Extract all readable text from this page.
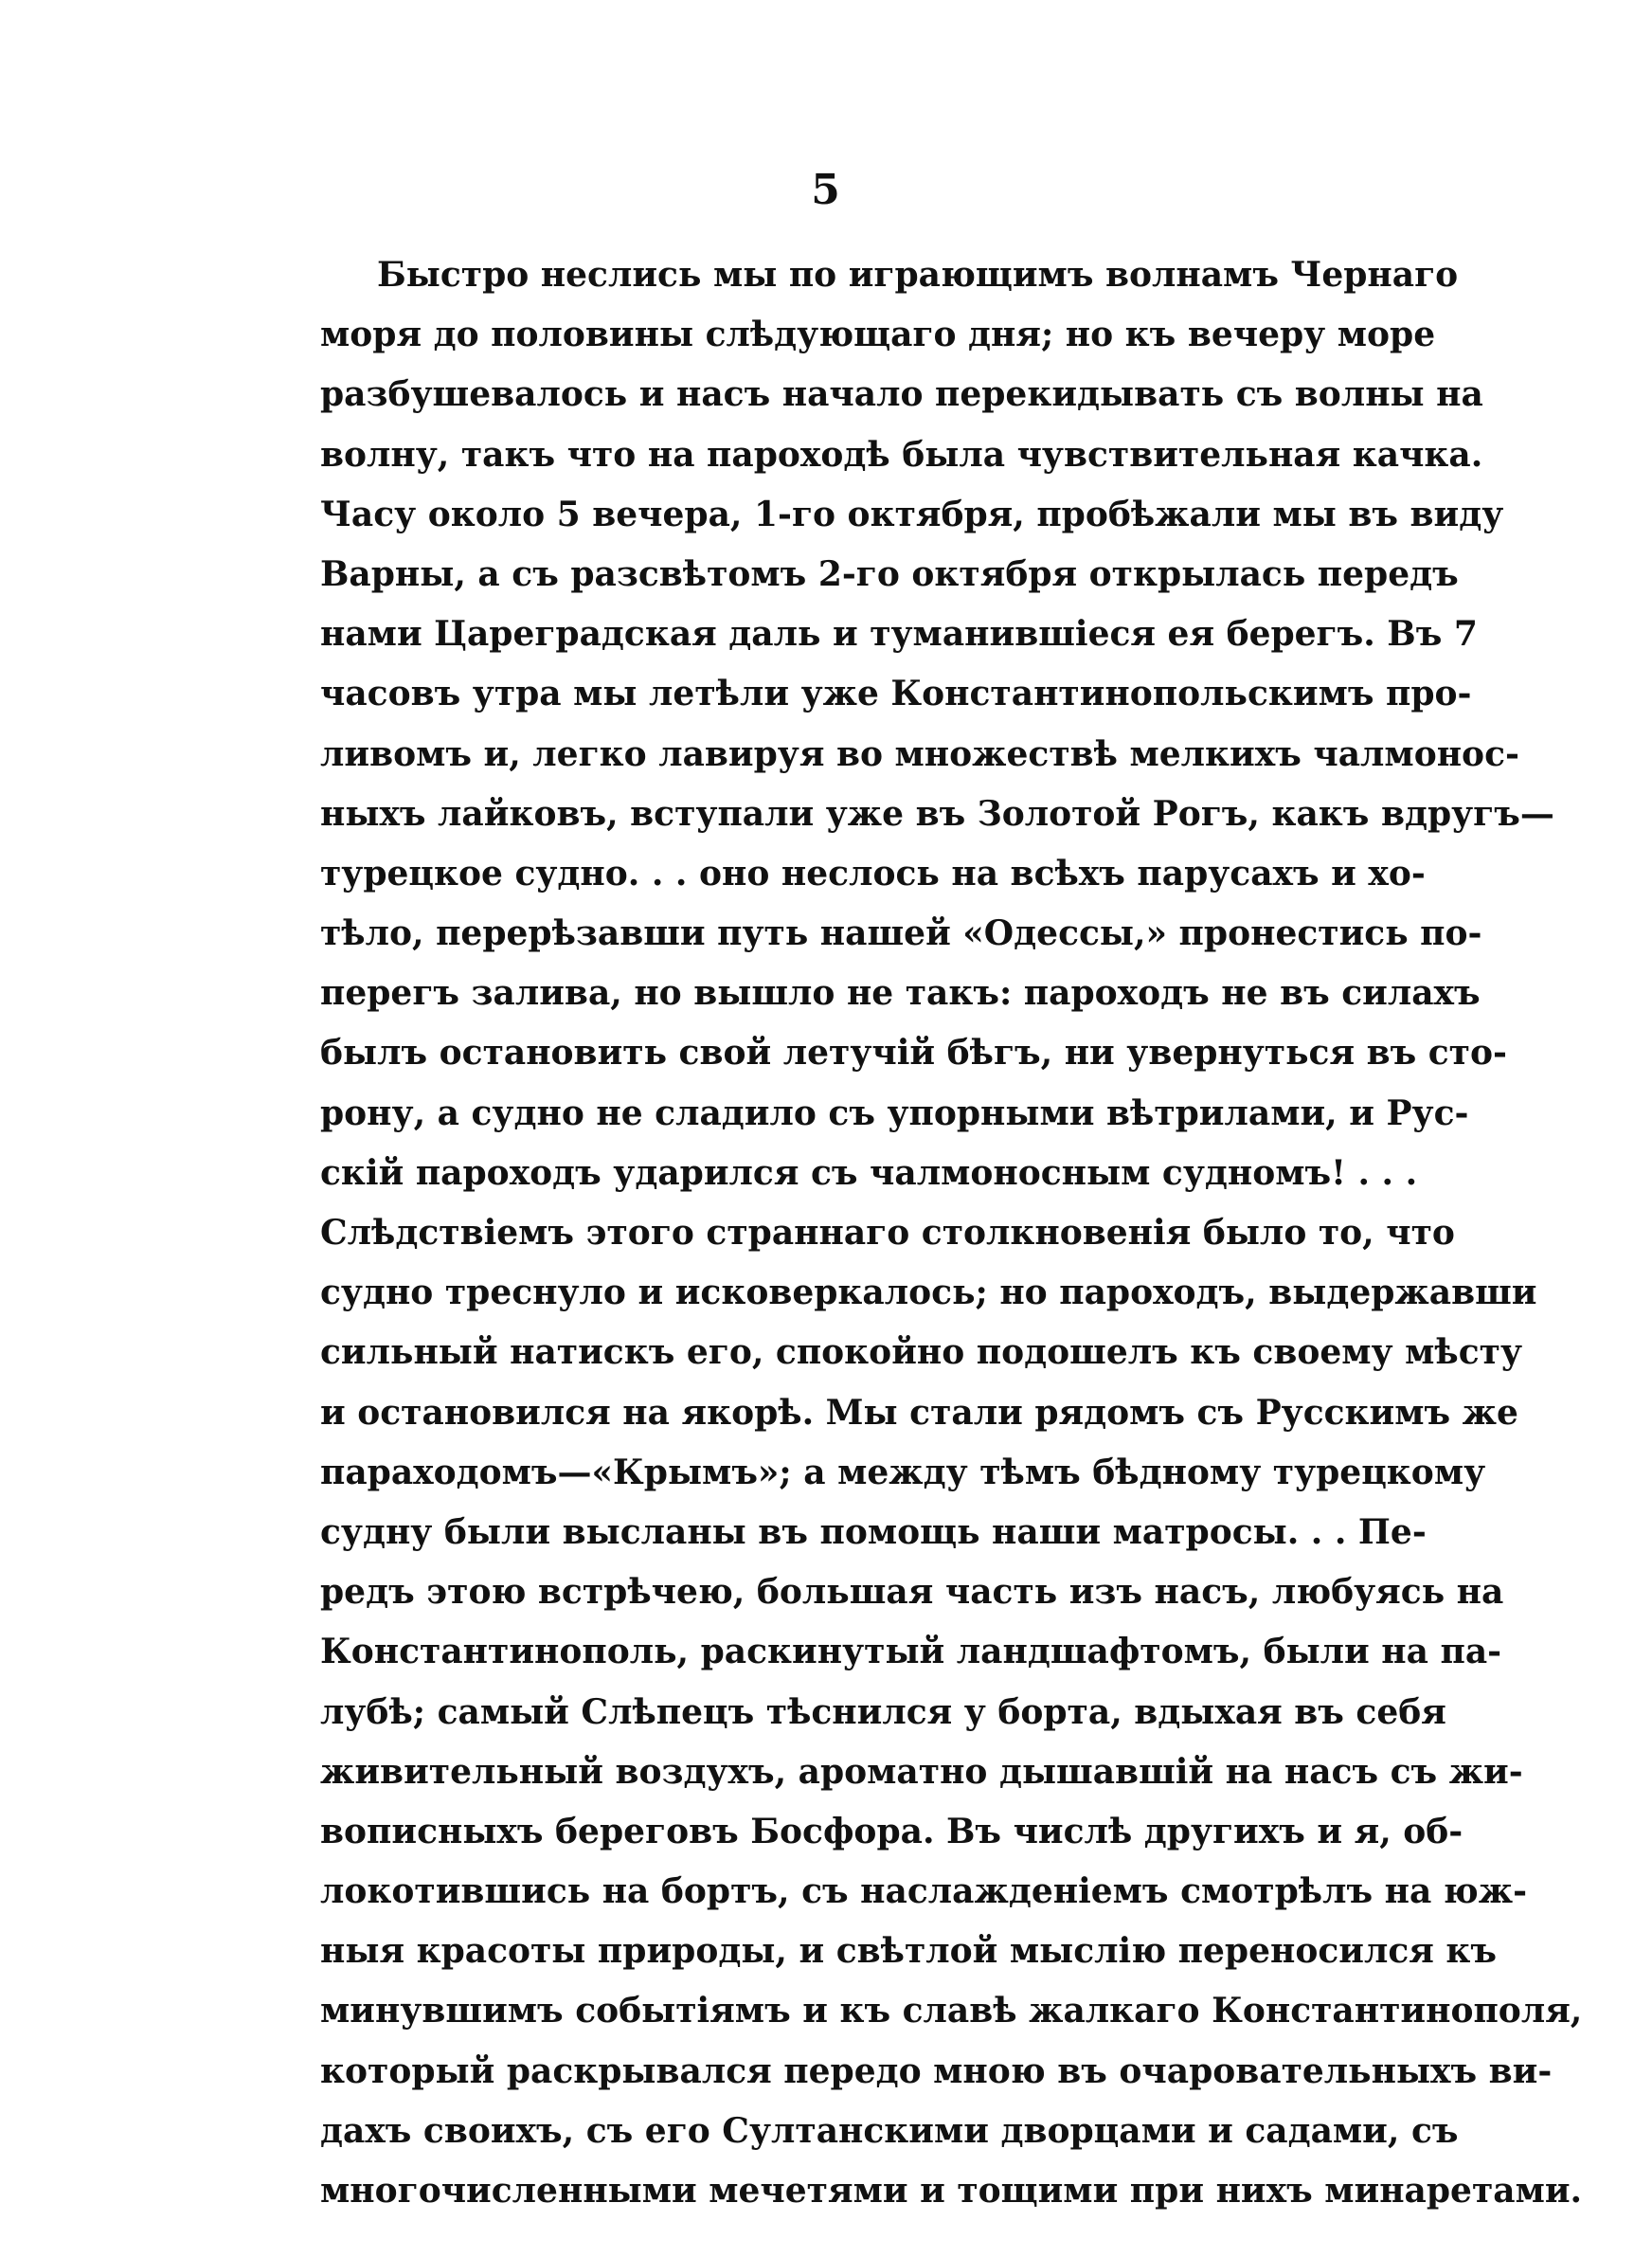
5
Быстро неслись мы по играющимъ волнамъ Чернаго
моря до половины слѣдующаго дня; но къ вечеру море
разбушевалось и насъ начало перекидывать съ волны на
волну, такъ что на пароходѣ была чувствительная качка.
Часу около 5 вечера, 1-го октября, пробѣжали мы въ виду
Варны, а съ разсвѣтомъ 2-го октября открылась передъ
нами Цареградская даль и туманившіеся ея берегъ. Въ 7
часовъ утра мы летѣли уже Константинопольскимъ про-
ливомъ и, легко лавируя во множествѣ мелкихъ чалмонос-
ныхъ лайковъ, вступали уже въ Золотой Рогъ, какъ вдругъ—
турецкое судно. . . оно неслось на всѣхъ парусахъ и хо-
тѣло, перерѣзавши путь нашей «Одессы,» пронестись по-
перегъ залива, но вышло не такъ: пароходъ не въ силахъ
былъ остановить свой летучій бѣгъ, ни увернуться въ сто-
рону, а судно не сладило съ упорными вѣтрилами, и Рус-
скій пароходъ ударился съ чалмоносным судномъ! . . .
Слѣдствіемъ этого страннаго столкновенія было то, что
судно треснуло и исковеркалось; но пароходъ, выдержавши
сильный натискъ его, спокойно подошелъ къ своему мѣсту
и остановился на якорѣ. Мы стали рядомъ съ Русскимъ же
параходомъ—«Крымъ»; а между тѣмъ бѣдному турецкому
судну были высланы въ помощь наши матросы. . . Пе-
редъ этою встрѣчею, большая часть изъ насъ, любуясь на
Константинополь, раскинутый ландшафтомъ, были на па-
лубѣ; самый Слѣпецъ тѣснился у борта, вдыхая въ себя
живительный воздухъ, ароматно дышавшій на насъ съ жи-
вописныхъ береговъ Босфора. Въ числѣ другихъ и я, об-
локотившись на бортъ, съ наслажденіемъ смотрѣлъ на юж-
ныя красоты природы, и свѣтлой мыслію переносился къ
минувшимъ событіямъ и къ славѣ жалкаго Константинополя,
который раскрывался передо мною въ очаровательныхъ ви-
дахъ своихъ, съ его Султанскими дворцами и садами, съ
многочисленными мечетями и тощими при нихъ минаретами.
